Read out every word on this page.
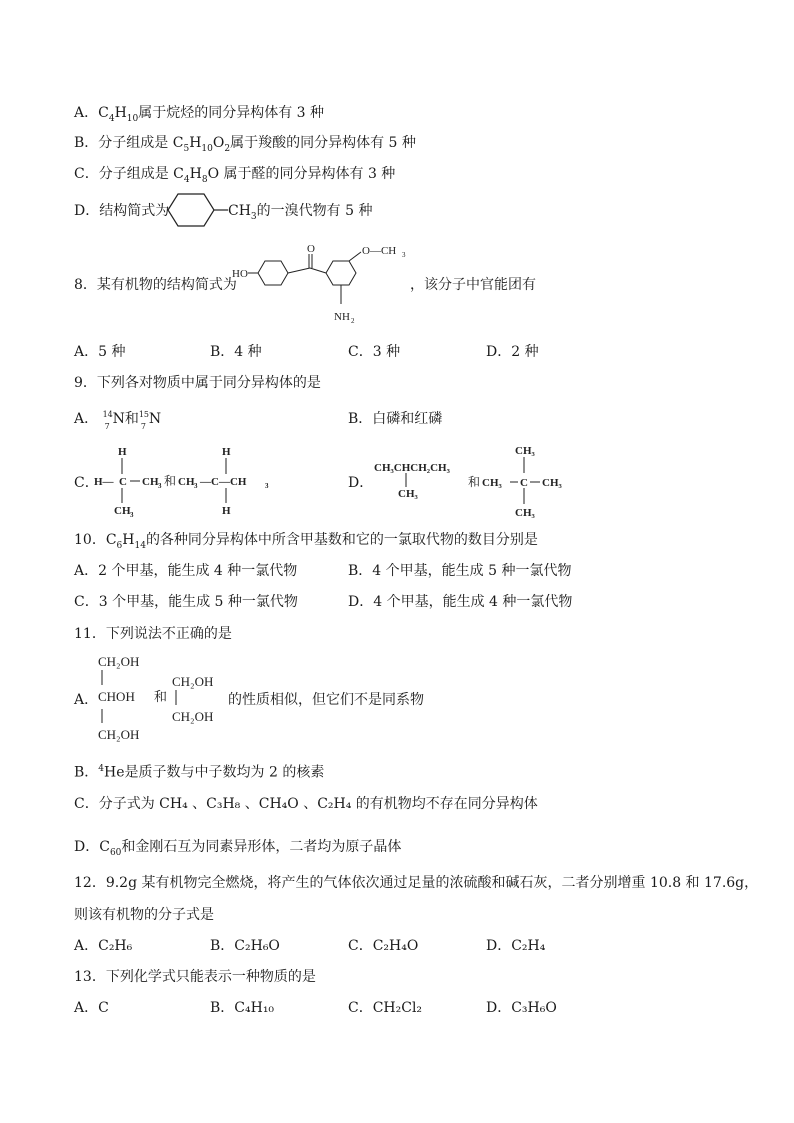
A．$C_4H_{10}$属于烷烃的同分异构体有 3 种
B．分子组成是 $C_5H_{10}O_2$属于羧酸的同分异构体有 5 种
C．分子组成是 $C_4H_8O$ 属于醛的同分异构体有 3 种
D．结构简式为	$CH_3$的一溴代物有 5 种
8．某有机物的结构简式为
O
HO
O—CH 3
NH 2
，该分子中官能团有
A．5 种	B．4 种	C．3 种	D．2 种
9．下列各对物质中属于同分异构体的是
A． 14
7 N和 15
7 N	B．白磷和红磷
C．
H
H— C CH 3 和
CH 3
H
CH 3 —C—CH	3
H
D．
CH₃CHCH₂CH₃
CH₃
和 CH₃ C CH₃
CH₃
CH₃
10．$C_6H_{14}$的各种同分异构体中所含甲基数和它的一氯取代物的数目分别是
A．2 个甲基，能生成 4 种一氯代物	B．4 个甲基，能生成 5 种一氯代物
C．3 个甲基，能生成 5 种一氯代物	D．4 个甲基，能生成 4 种一氯代物
11．下列说法不正确的是
A．
CH₂OH
CHOH
CH₂OH
和
CH₂OH
CH₂OH
的性质相似，但它们不是同系物
B．$^4$He是质子数与中子数均为 2 的核素
C．分子式为 CH₄ 、C₃H₈ 、CH₄O 、C₂H₄ 的有机物均不存在同分异构体
D．$C_{60}$和金刚石互为同素异形体，二者均为原子晶体
12．9.2g 某有机物完全燃烧，将产生的气体依次通过足量的浓硫酸和碱石灰，二者分别增重 10.8 和 17.6g，
则该有机物的分子式是
A．C₂H₆	B．C₂H₆O	C．C₂H₄O	D．C₂H₄
13．下列化学式只能表示一种物质的是
A．C	B．C₄H₁₀	C．CH₂Cl₂	D．C₃H₆O
